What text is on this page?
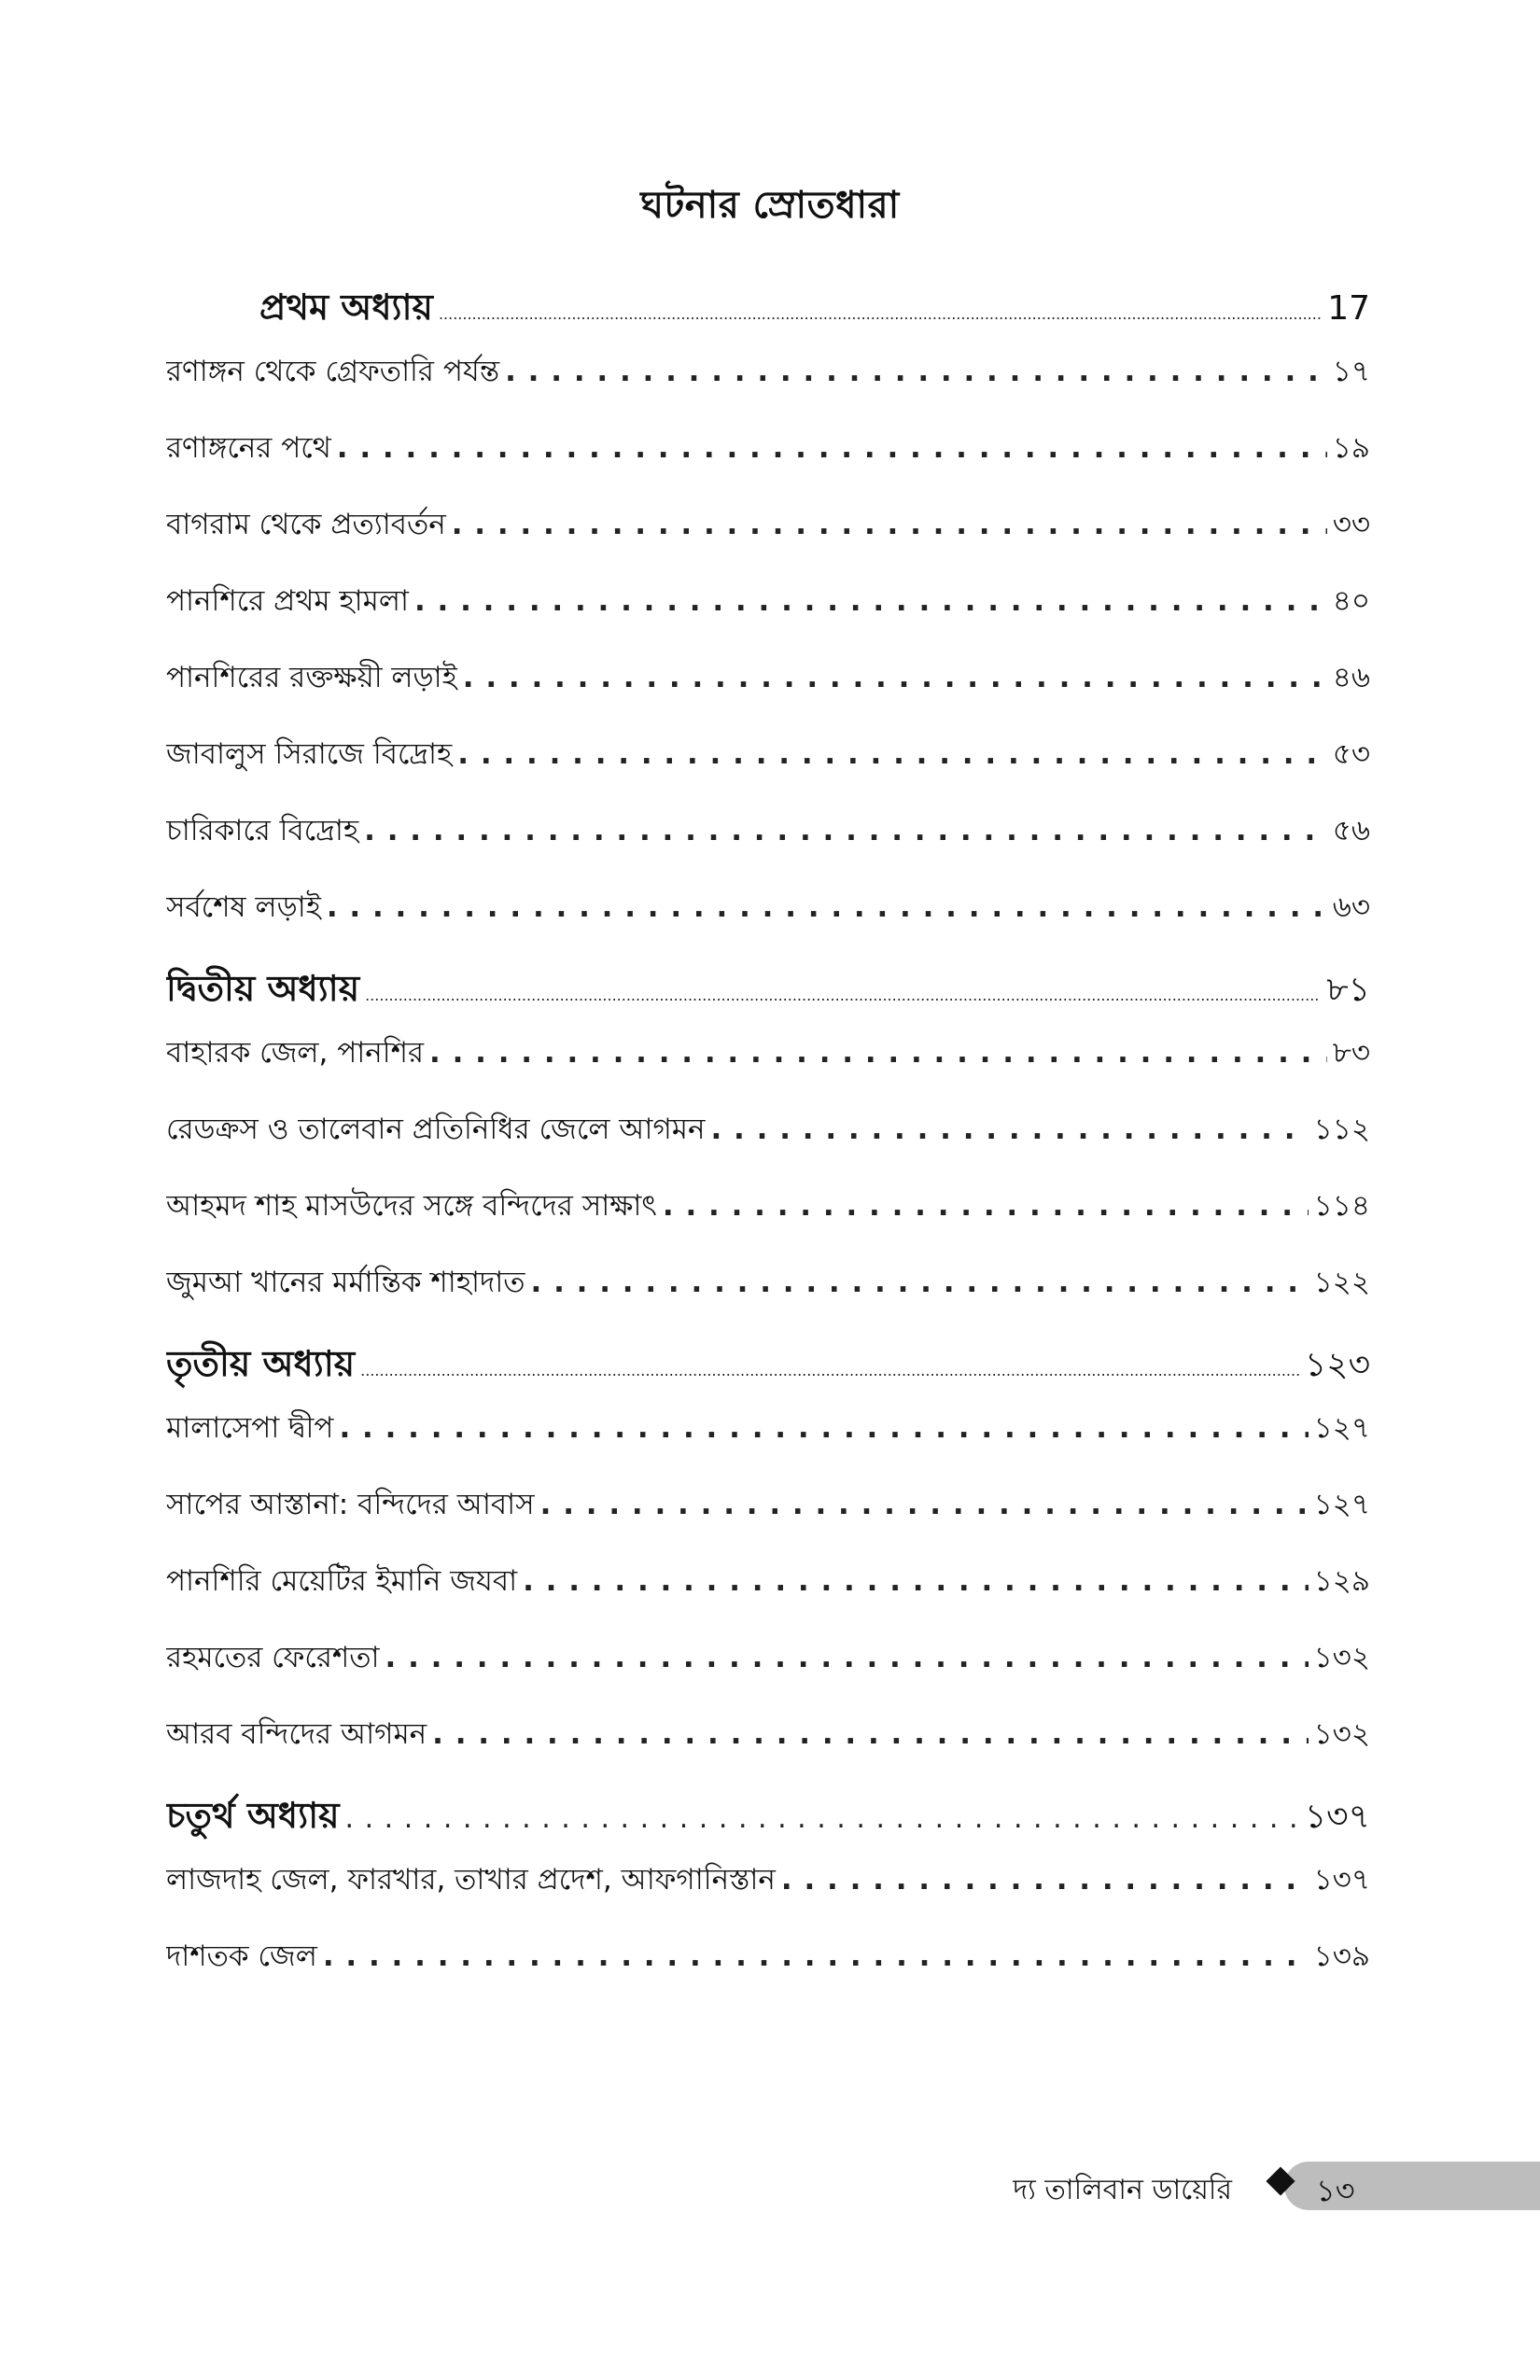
ঘটনার স্রোতধারা
প্রথম অধ্যায় .....	17
রণাঙ্গন থেকে গ্রেফতারি পর্যন্ত . . .	১৭
রণাঙ্গনের পথে . . .	১৯
বাগরাম থেকে প্রত্যাবর্তন . . .	৩৩
পানশিরে প্রথম হামলা . . .	৪০
পানশিরের রক্তক্ষয়ী লড়াই . . .	৪৬
জাবালুস সিরাজে বিদ্রোহ . . .	৫৩
চারিকারে বিদ্রোহ . . .	৫৬
সর্বশেষ লড়াই . . .	৬৩
দ্বিতীয় অধ্যায় .....	৮১
বাহারক জেল, পানশির . . .	৮৩
রেডক্রস ও তালেবান প্রতিনিধির জেলে আগমন . . .	১১২
আহমদ শাহ মাসউদের সঙ্গে বন্দিদের সাক্ষাৎ . . .	১১৪
জুমআ খানের মর্মান্তিক শাহাদাত . . .	১২২
তৃতীয় অধ্যায় .....	১২৩
মালাসেপা দ্বীপ . . .	১২৭
সাপের আস্তানা: বন্দিদের আবাস . . .	১২৭
পানশিরি মেয়েটির ইমানি জযবা . . .	১২৯
রহমতের ফেরেশতা . . .	১৩২
আরব বন্দিদের আগমন . . .	১৩২
চতুর্থ অধ্যায় . . .	১৩৭
লাজদাহ জেল, ফারখার, তাখার প্রদেশ, আফগানিস্তান . . .	১৩৭
দাশতক জেল . . .	১৩৯
দ্য তালিবান ডায়েরি	১৩
